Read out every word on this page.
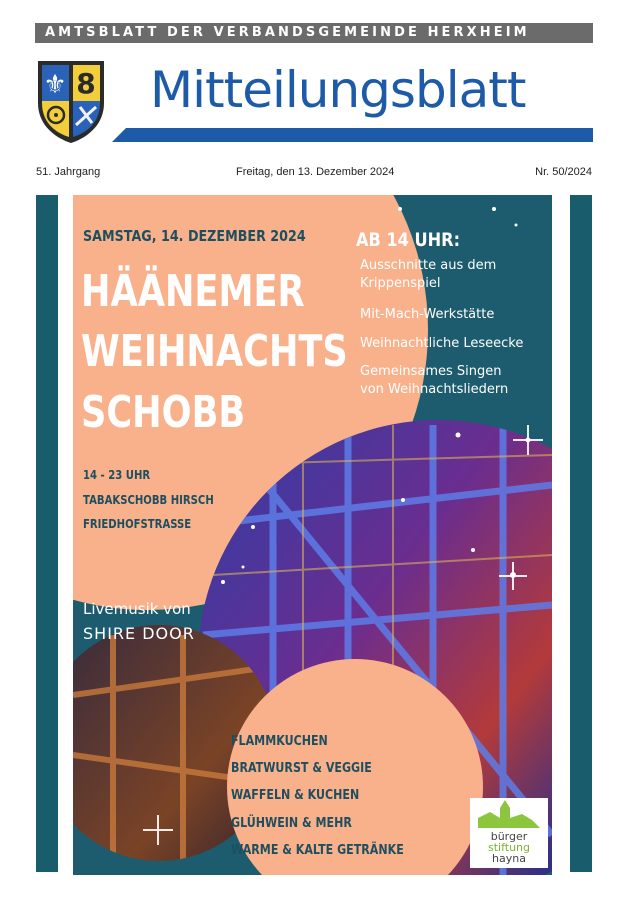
AMTSBLATT DER VERBANDSGEMEINDE HERXHEIM
⚜ 8 Mitteilungsblatt
51. Jahrgang	Freitag, den 13. Dezember 2024	Nr. 50/2024
SAMSTAG, 14. DEZEMBER 2024
HÄÄNEMER
WEIHNACHTS
SCHOBB
14 - 23 UHR
TABAKSCHOBB HIRSCH
FRIEDHOFSTRASSE
AB 14 UHR:
Ausschnitte aus dem
Krippenspiel
Mit-Mach-Werkstätte
Weihnachtliche Leseecke
Gemeinsames Singen
von Weihnachtsliedern
AB 19 UHR:
Livemusik von
SHIRE DOOR
FLAMMKUCHEN
BRATWURST & VEGGIE
WAFFELN & KUCHEN
GLÜHWEIN & MEHR
WARME & KALTE GETRÄNKE
bürger
stiftung
hayna
